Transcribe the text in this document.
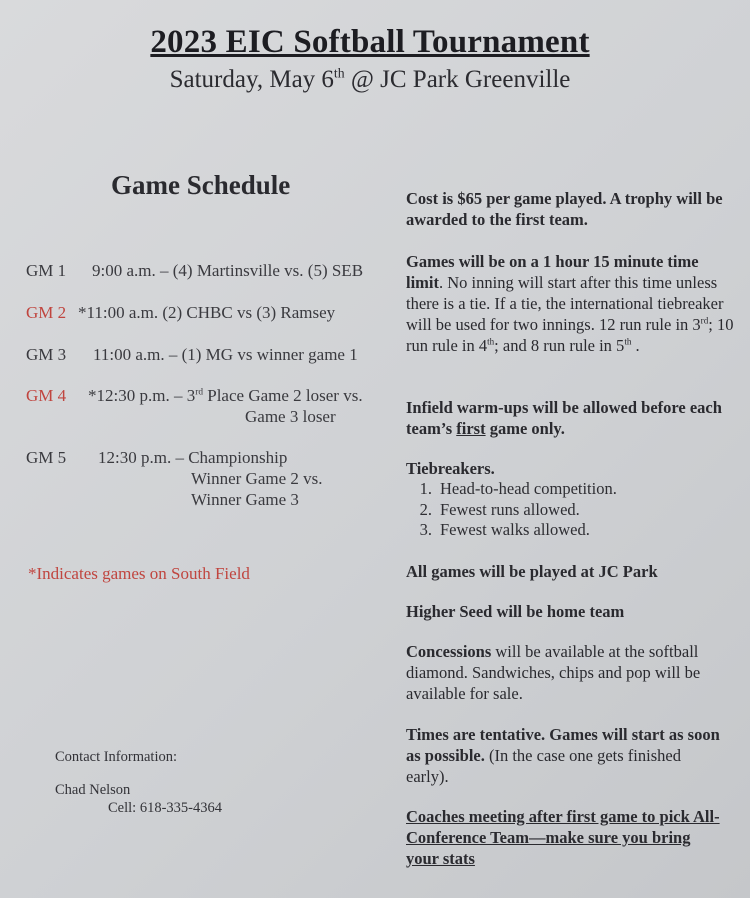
2023 EIC Softball Tournament
Saturday, May 6th @ JC Park Greenville
Game Schedule
GM 1 9:00 a.m. – (4) Martinsville vs. (5) SEB
GM 2 *11:00 a.m. (2) CHBC vs (3) Ramsey
GM 3 11:00 a.m. – (1) MG vs winner game 1
GM 4 *12:30 p.m. – 3rd Place Game 2 loser vs.
Game 3 loser
GM 5 12:30 p.m. – Championship
Winner Game 2 vs.
Winner Game 3
*Indicates games on South Field
Contact Information:
Chad Nelson
Cell: 618-335-4364
Cost is $65 per game played. A trophy will be awarded to the first team.
Games will be on a 1 hour 15 minute time limit. No inning will start after this time unless there is a tie. If a tie, the international tiebreaker will be used for two innings. 12 run rule in 3rd; 10 run rule in 4th; and 8 run rule in 5th .
Infield warm-ups will be allowed before each team’s first game only.
Tiebreakers.
1. Head-to-head competition.
2. Fewest runs allowed.
3. Fewest walks allowed.
All games will be played at JC Park
Higher Seed will be home team
Concessions will be available at the softball diamond. Sandwiches, chips and pop will be available for sale.
Times are tentative. Games will start as soon as possible. (In the case one gets finished early).
Coaches meeting after first game to pick All-Conference Team—make sure you bring your stats
